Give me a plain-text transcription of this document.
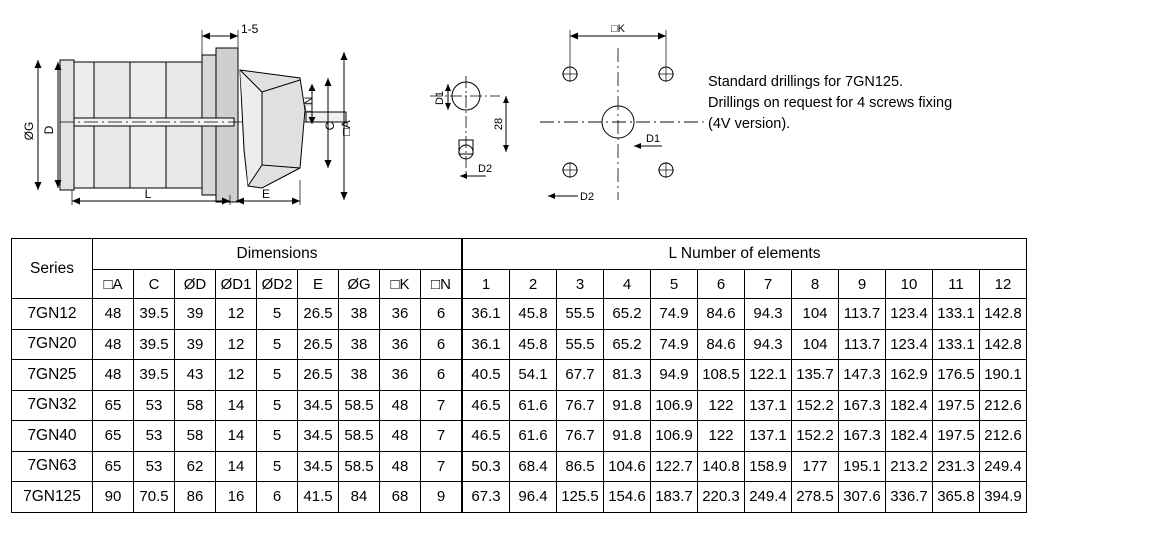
ØG D
1-5
□A
C
□N
L	E
D1
28
D2
□K
D1
D2
Standard drillings for 7GN125.
Drillings on request for 4 screws fixing
(4V version).
Series	Dimensions									L Number of elements											
	□A	C	ØD	ØD1	ØD2	E	ØG	□K	□N	1	2	3	4	5	6	7	8	9	10	11	12
7GN12	48	39.5	39	12	5	26.5	38	36	6	36.1	45.8	55.5	65.2	74.9	84.6	94.3	104	113.7	123.4	133.1	142.8
7GN20	48	39.5	39	12	5	26.5	38	36	6	36.1	45.8	55.5	65.2	74.9	84.6	94.3	104	113.7	123.4	133.1	142.8
7GN25	48	39.5	43	12	5	26.5	38	36	6	40.5	54.1	67.7	81.3	94.9	108.5	122.1	135.7	147.3	162.9	176.5	190.1
7GN32	65	53	58	14	5	34.5	58.5	48	7	46.5	61.6	76.7	91.8	106.9	122	137.1	152.2	167.3	182.4	197.5	212.6
7GN40	65	53	58	14	5	34.5	58.5	48	7	46.5	61.6	76.7	91.8	106.9	122	137.1	152.2	167.3	182.4	197.5	212.6
7GN63	65	53	62	14	5	34.5	58.5	48	7	50.3	68.4	86.5	104.6	122.7	140.8	158.9	177	195.1	213.2	231.3	249.4
7GN125	90	70.5	86	16	6	41.5	84	68	9	67.3	96.4	125.5	154.6	183.7	220.3	249.4	278.5	307.6	336.7	365.8	394.9
